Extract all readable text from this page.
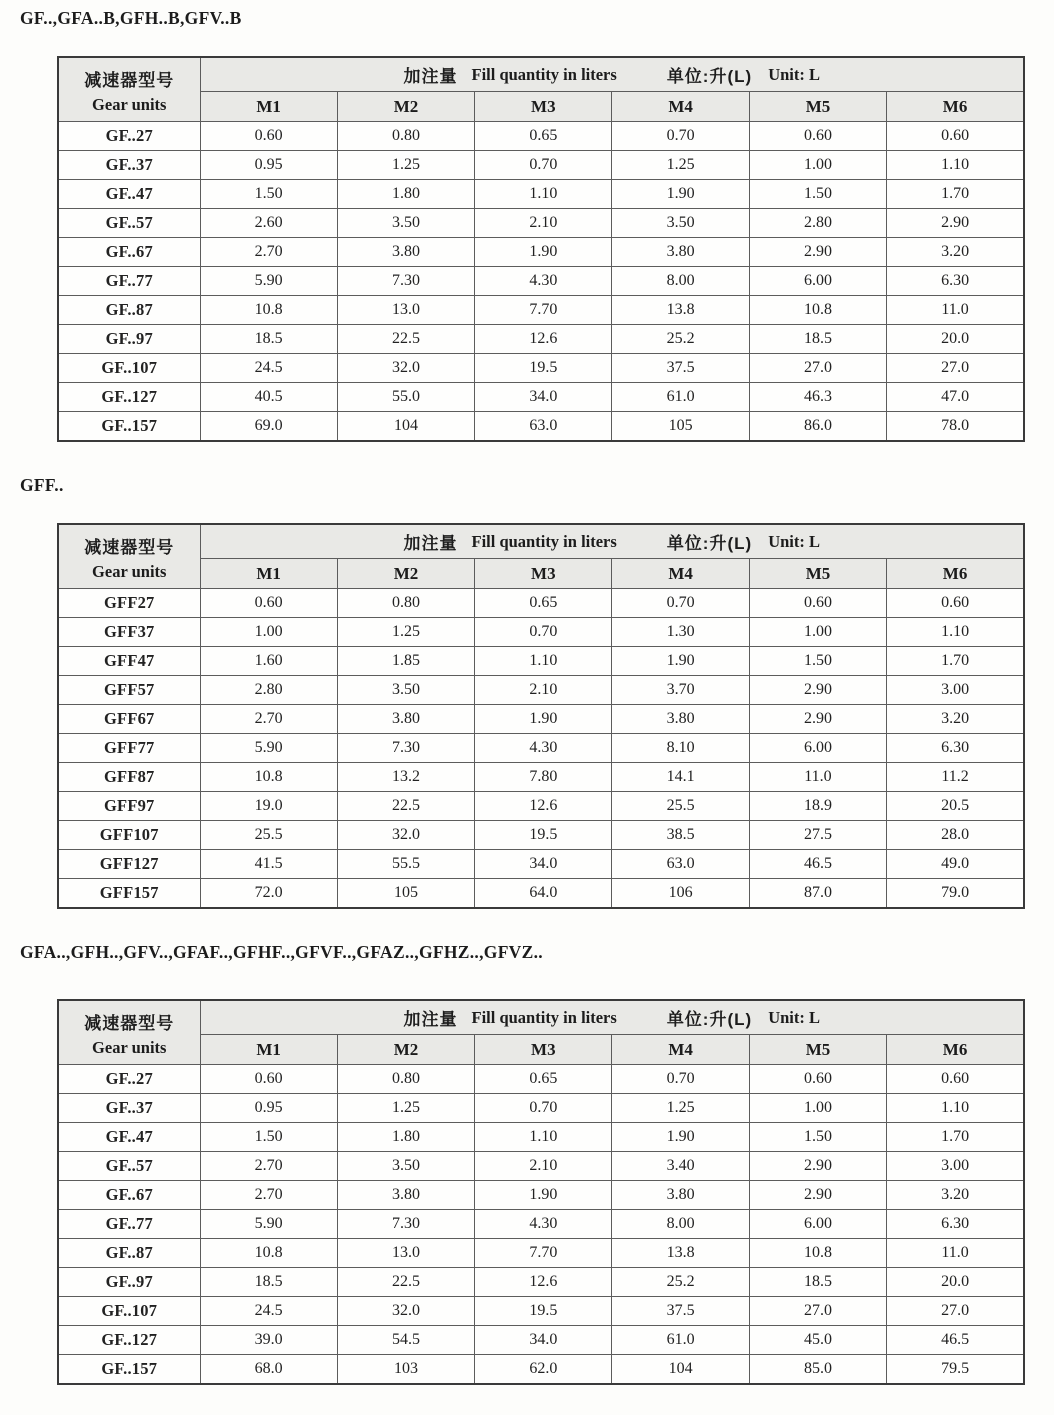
GF..,GFA..B,GFH..B,GFV..B
减速器型号
Gear units	加注量 Fill quantity in liters 单位:升(L) Unit: L					

	M1	M2	M3	M4	M5	M6
GF..27	0.60	0.80	0.65	0.70	0.60	0.60
GF..37	0.95	1.25	0.70	1.25	1.00	1.10
GF..47	1.50	1.80	1.10	1.90	1.50	1.70
GF..57	2.60	3.50	2.10	3.50	2.80	2.90
GF..67	2.70	3.80	1.90	3.80	2.90	3.20
GF..77	5.90	7.30	4.30	8.00	6.00	6.30
GF..87	10.8	13.0	7.70	13.8	10.8	11.0
GF..97	18.5	22.5	12.6	25.2	18.5	20.0
GF..107	24.5	32.0	19.5	37.5	27.0	27.0
GF..127	40.5	55.0	34.0	61.0	46.3	47.0
GF..157	69.0	104	63.0	105	86.0	78.0
GFF..
减速器型号
Gear units	加注量 Fill quantity in liters 单位:升(L) Unit: L					

	M1	M2	M3	M4	M5	M6
GFF27	0.60	0.80	0.65	0.70	0.60	0.60
GFF37	1.00	1.25	0.70	1.30	1.00	1.10
GFF47	1.60	1.85	1.10	1.90	1.50	1.70
GFF57	2.80	3.50	2.10	3.70	2.90	3.00
GFF67	2.70	3.80	1.90	3.80	2.90	3.20
GFF77	5.90	7.30	4.30	8.10	6.00	6.30
GFF87	10.8	13.2	7.80	14.1	11.0	11.2
GFF97	19.0	22.5	12.6	25.5	18.9	20.5
GFF107	25.5	32.0	19.5	38.5	27.5	28.0
GFF127	41.5	55.5	34.0	63.0	46.5	49.0
GFF157	72.0	105	64.0	106	87.0	79.0
GFA..,GFH..,GFV..,GFAF..,GFHF..,GFVF..,GFAZ..,GFHZ..,GFVZ..
减速器型号
Gear units	加注量 Fill quantity in liters 单位:升(L) Unit: L					

	M1	M2	M3	M4	M5	M6
GF..27	0.60	0.80	0.65	0.70	0.60	0.60
GF..37	0.95	1.25	0.70	1.25	1.00	1.10
GF..47	1.50	1.80	1.10	1.90	1.50	1.70
GF..57	2.70	3.50	2.10	3.40	2.90	3.00
GF..67	2.70	3.80	1.90	3.80	2.90	3.20
GF..77	5.90	7.30	4.30	8.00	6.00	6.30
GF..87	10.8	13.0	7.70	13.8	10.8	11.0
GF..97	18.5	22.5	12.6	25.2	18.5	20.0
GF..107	24.5	32.0	19.5	37.5	27.0	27.0
GF..127	39.0	54.5	34.0	61.0	45.0	46.5
GF..157	68.0	103	62.0	104	85.0	79.5
